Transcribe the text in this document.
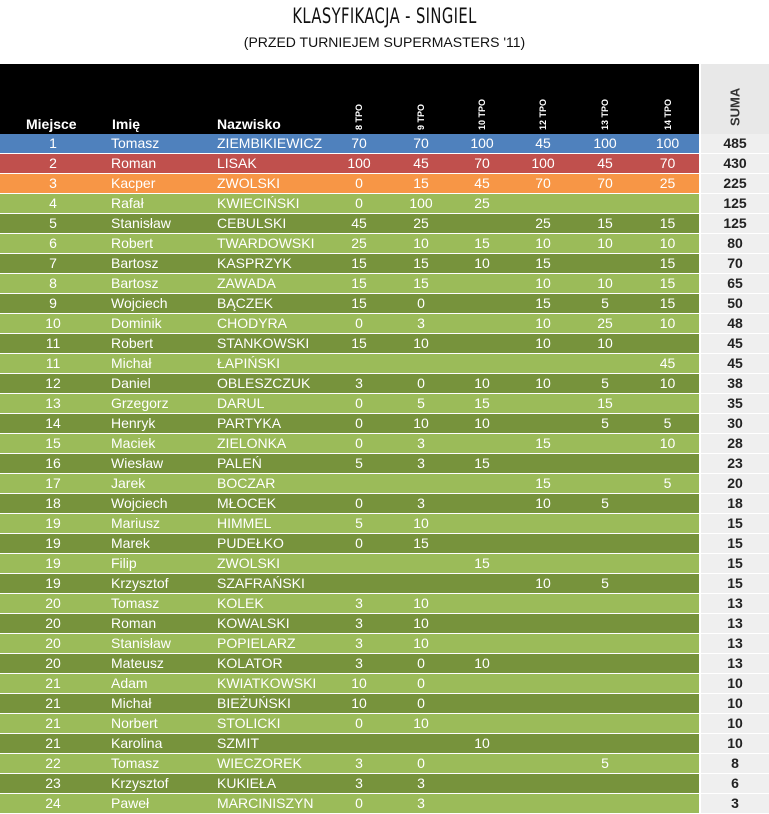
KLASYFIKACJA - SINGIEL
(PRZED TURNIEJEM SUPERMASTERS '11)
Miejsce	Imię	Nazwisko	8 TPO	9 TPO	10 TPO	12 TPO	13 TPO	14 TPO	SUMA

1	Tomasz	ZIEMBIKIEWICZ	70	70	100	45	100	100	485
2	Roman	LISAK	100	45	70	100	45	70	430
3	Kacper	ZWOLSKI	0	15	45	70	70	25	225
4	Rafał	KWIECIŃSKI	0	100	25				125
5	Stanisław	CEBULSKI	45	25		25	15	15	125
6	Robert	TWARDOWSKI	25	10	15	10	10	10	80
7	Bartosz	KASPRZYK	15	15	10	15		15	70
8	Bartosz	ZAWADA	15	15		10	10	15	65
9	Wojciech	BĄCZEK	15	0		15	5	15	50
10	Dominik	CHODYRA	0	3		10	25	10	48
11	Robert	STANKOWSKI	15	10		10	10		45
11	Michał	ŁAPIŃSKI						45	45
12	Daniel	OBLESZCZUK	3	0	10	10	5	10	38
13	Grzegorz	DARUL	0	5	15		15		35
14	Henryk	PARTYKA	0	10	10		5	5	30
15	Maciek	ZIELONKA	0	3		15		10	28
16	Wiesław	PALEŃ	5	3	15				23
17	Jarek	BOCZAR				15		5	20
18	Wojciech	MŁOCEK	0	3		10	5		18
19	Mariusz	HIMMEL	5	10					15
19	Marek	PUDEŁKO	0	15					15
19	Filip	ZWOLSKI			15				15
19	Krzysztof	SZAFRAŃSKI				10	5		15
20	Tomasz	KOLEK	3	10					13
20	Roman	KOWALSKI	3	10					13
20	Stanisław	POPIELARZ	3	10					13
20	Mateusz	KOLATOR	3	0	10				13
21	Adam	KWIATKOWSKI	10	0					10
21	Michał	BIEŻUŃSKI	10	0					10
21	Norbert	STOLICKI	0	10					10
21	Karolina	SZMIT			10				10
22	Tomasz	WIECZOREK	3	0			5		8
23	Krzysztof	KUKIEŁA	3	3					6
24	Paweł	MARCINISZYN	0	3					3
